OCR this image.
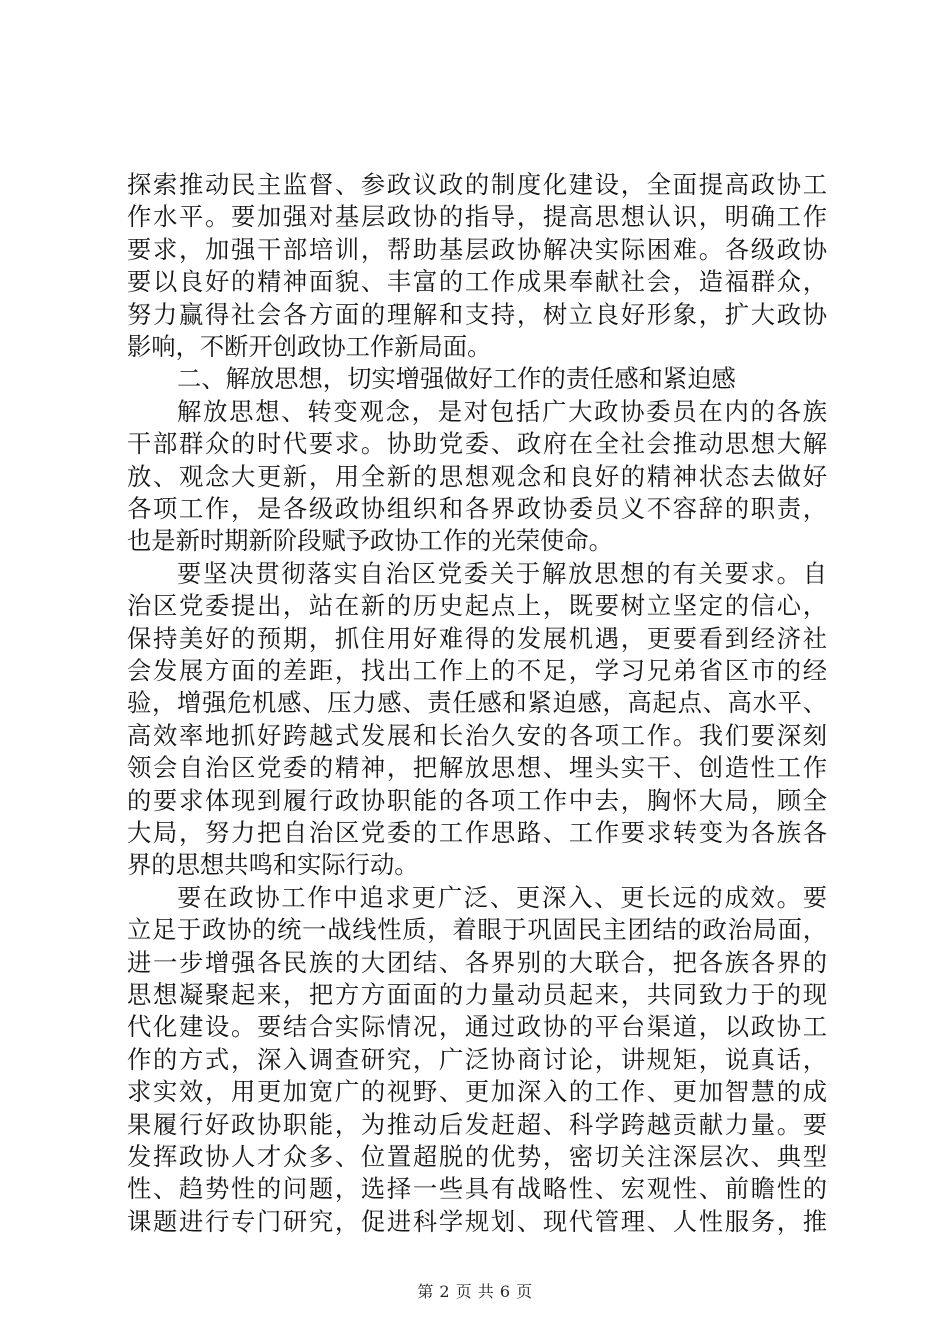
探索推动民主监督、参政议政的制度化建设，全面提高政协工

作水平。要加强对基层政协的指导，提高思想认识，明确工作

要求，加强干部培训，帮助基层政协解决实际困难。各级政协

要以良好的精神面貌、丰富的工作成果奉献社会，造福群众，

努力赢得社会各方面的理解和支持，树立良好形象，扩大政协

影响，不断开创政协工作新局面。

二、解放思想，切实增强做好工作的责任感和紧迫感

解放思想、转变观念，是对包括广大政协委员在内的各族

干部群众的时代要求。协助党委、政府在全社会推动思想大解

放、观念大更新，用全新的思想观念和良好的精神状态去做好

各项工作，是各级政协组织和各界政协委员义不容辞的职责，

也是新时期新阶段赋予政协工作的光荣使命。

要坚决贯彻落实自治区党委关于解放思想的有关要求。自

治区党委提出，站在新的历史起点上，既要树立坚定的信心，

保持美好的预期，抓住用好难得的发展机遇，更要看到经济社

会发展方面的差距，找出工作上的不足，学习兄弟省区市的经

验，增强危机感、压力感、责任感和紧迫感，高起点、高水平、

高效率地抓好跨越式发展和长治久安的各项工作。我们要深刻

领会自治区党委的精神，把解放思想、埋头实干、创造性工作

的要求体现到履行政协职能的各项工作中去，胸怀大局，顾全

大局，努力把自治区党委的工作思路、工作要求转变为各族各

界的思想共鸣和实际行动。

要在政协工作中追求更广泛、更深入、更长远的成效。要

立足于政协的统一战线性质，着眼于巩固民主团结的政治局面，

进一步增强各民族的大团结、各界别的大联合，把各族各界的

思想凝聚起来，把方方面面的力量动员起来，共同致力于的现

代化建设。要结合实际情况，通过政协的平台渠道，以政协工

作的方式，深入调查研究，广泛协商讨论，讲规矩，说真话，

求实效，用更加宽广的视野、更加深入的工作、更加智慧的成

果履行好政协职能，为推动后发赶超、科学跨越贡献力量。要

发挥政协人才众多、位置超脱的优势，密切关注深层次、典型

性、趋势性的问题，选择一些具有战略性、宏观性、前瞻性的

课题进行专门研究，促进科学规划、现代管理、人性服务，推

第 2 页 共 6 页
